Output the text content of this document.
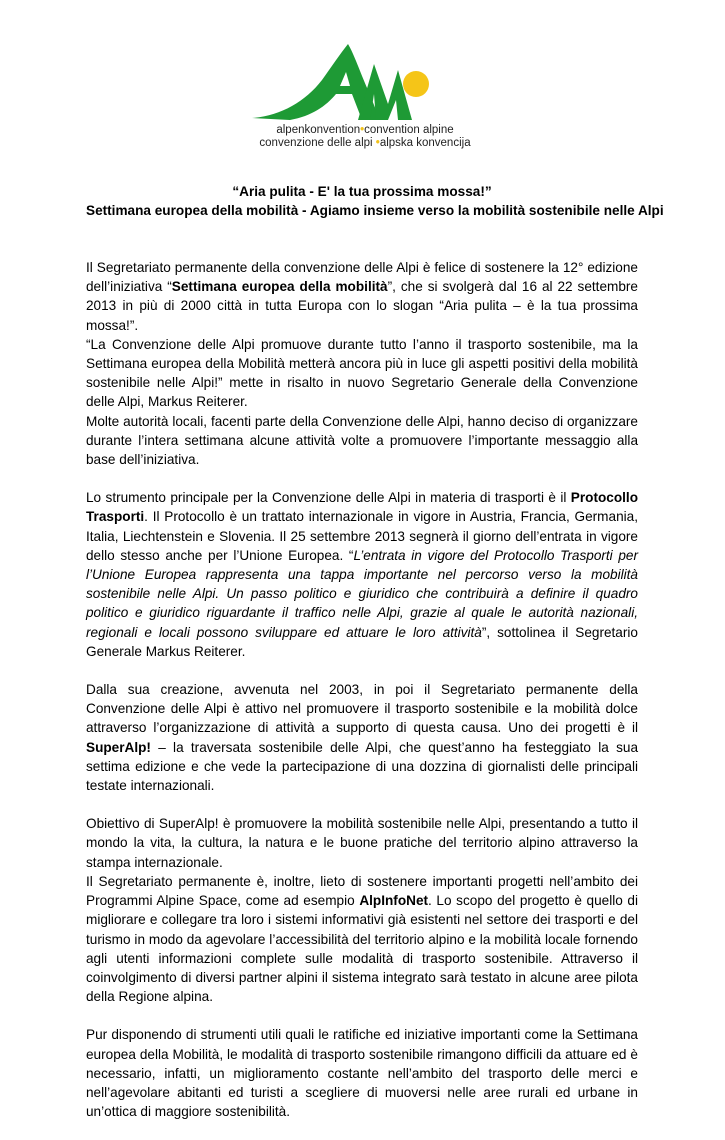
alpenkonvention•convention alpine
convenzione delle alpi •alpska konvencija
“Aria pulita - E' la tua prossima mossa!”
Settimana europea della mobilità - Agiamo insieme verso la mobilità sostenibile nelle Alpi

Il Segretariato permanente della convenzione delle Alpi è felice di sostenere la 12° edizione dell’iniziativa “Settimana europea della mobilità”, che si svolgerà dal 16 al 22 settembre 2013 in più di 2000 città in tutta Europa con lo slogan “Aria pulita – è la tua prossima mossa!”.

“La Convenzione delle Alpi promuove durante tutto l’anno il trasporto sostenibile, ma la Settimana europea della Mobilità metterà ancora più in luce gli aspetti positivi della mobilità sostenibile nelle Alpi!” mette in risalto in nuovo Segretario Generale della Convenzione delle Alpi, Markus Reiterer.

Molte autorità locali, facenti parte della Convenzione delle Alpi, hanno deciso di organizzare durante l’intera settimana alcune attività volte a promuovere l’importante messaggio alla base dell’iniziativa.

Lo strumento principale per la Convenzione delle Alpi in materia di trasporti è il Protocollo Trasporti. Il Protocollo è un trattato internazionale in vigore in Austria, Francia, Germania, Italia, Liechtenstein e Slovenia. Il 25 settembre 2013 segnerà il giorno dell’entrata in vigore dello stesso anche per l’Unione Europea. “L’entrata in vigore del Protocollo Trasporti per l’Unione Europea rappresenta una tappa importante nel percorso verso la mobilità sostenibile nelle Alpi. Un passo politico e giuridico che contribuirà a definire il quadro politico e giuridico riguardante il traffico nelle Alpi, grazie al quale le autorità nazionali, regionali e locali possono sviluppare ed attuare le loro attività”, sottolinea il Segretario Generale Markus Reiterer.

Dalla sua creazione, avvenuta nel 2003, in poi il Segretariato permanente della Convenzione delle Alpi è attivo nel promuovere il trasporto sostenibile e la mobilità dolce attraverso l’organizzazione di attività a supporto di questa causa. Uno dei progetti è il SuperAlp! – la traversata sostenibile delle Alpi, che quest’anno ha festeggiato la sua settima edizione e che vede la partecipazione di una dozzina di giornalisti delle principali testate internazionali.

Obiettivo di SuperAlp! è promuovere la mobilità sostenibile nelle Alpi, presentando a tutto il mondo la vita, la cultura, la natura e le buone pratiche del territorio alpino attraverso la stampa internazionale.

Il Segretariato permanente è, inoltre, lieto di sostenere importanti progetti nell’ambito dei Programmi Alpine Space, come ad esempio AlpInfoNet. Lo scopo del progetto è quello di migliorare e collegare tra loro i sistemi informativi già esistenti nel settore dei trasporti e del turismo in modo da agevolare l’accessibilità del territorio alpino e la mobilità locale fornendo agli utenti informazioni complete sulle modalità di trasporto sostenibile. Attraverso il coinvolgimento di diversi partner alpini il sistema integrato sarà testato in alcune aree pilota della Regione alpina.

Pur disponendo di strumenti utili quali le ratifiche ed iniziative importanti come la Settimana europea della Mobilità, le modalità di trasporto sostenibile rimangono difficili da attuare ed è necessario, infatti, un miglioramento costante nell’ambito del trasporto delle merci e nell’agevolare abitanti ed turisti a scegliere di muoversi nelle aree rurali ed urbane in un’ottica di maggiore sostenibilità.
